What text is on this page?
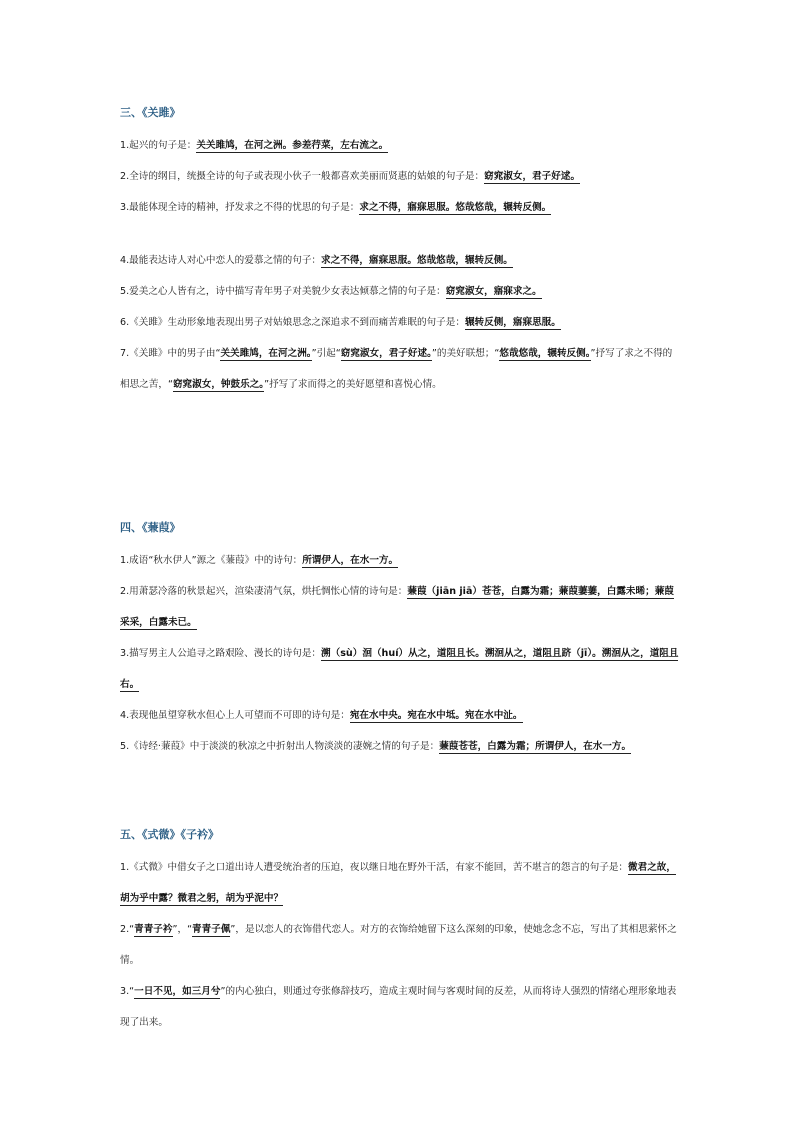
三、《关雎》

1.起兴的句子是：关关雎鸠，在河之洲。参差荇菜，左右流之。

2.全诗的纲目，统摄全诗的句子或表现小伙子一般都喜欢美丽而贤惠的姑娘的句子是：窈窕淑女，君子好逑。

3.最能体现全诗的精神，抒发求之不得的忧思的句子是：求之不得，寤寐思服。悠哉悠哉，辗转反侧。

4.最能表达诗人对心中恋人的爱慕之情的句子：求之不得，寤寐思服。悠哉悠哉，辗转反侧。

5.爱美之心人皆有之，诗中描写青年男子对美貌少女表达倾慕之情的句子是：窈窕淑女，寤寐求之。

6.《关雎》生动形象地表现出男子对姑娘思念之深追求不到而痛苦难眠的句子是：辗转反侧，寤寐思服。

7.《关雎》中的男子由“关关雎鸠，在河之洲。”引起“窈窕淑女，君子好逑。”的美好联想；“悠哉悠哉，辗转反侧。”抒写了求之不得的相思之苦，“窈窕淑女，钟鼓乐之。”抒写了求而得之的美好愿望和喜悦心情。

四、《蒹葭》

1.成语“秋水伊人”源之《蒹葭》中的诗句：所谓伊人，在水一方。

2.用萧瑟冷落的秋景起兴，渲染凄清气氛，烘托惆怅心情的诗句是：蒹葭（jiān jiā）苍苍，白露为霜；蒹葭萋萋，白露未晞；蒹葭采采，白露未已。

3.描写男主人公追寻之路艰险、漫长的诗句是：溯（sù）洄（huí）从之，道阻且长。溯洄从之，道阻且跻（jī）。溯洄从之，道阻且右。

4.表现他虽望穿秋水但心上人可望而不可即的诗句是：宛在水中央。宛在水中坻。宛在水中沚。

5.《诗经·蒹葭》中于淡淡的秋凉之中折射出人物淡淡的凄婉之情的句子是：蒹葭苍苍，白露为霜；所谓伊人，在水一方。

五、《式微》《子衿》

1.《式微》中借女子之口道出诗人遭受统治者的压迫，夜以继日地在野外干活，有家不能回，苦不堪言的怨言的句子是：微君之故，胡为乎中露？微君之躬，胡为乎泥中？

2.“青青子衿”，“青青子佩”，是以恋人的衣饰借代恋人。对方的衣饰给她留下这么深刻的印象，使她念念不忘，写出了其相思萦怀之情。

3.“一日不见，如三月兮”的内心独白，则通过夸张修辞技巧，造成主观时间与客观时间的反差，从而将诗人强烈的情绪心理形象地表现了出来。
